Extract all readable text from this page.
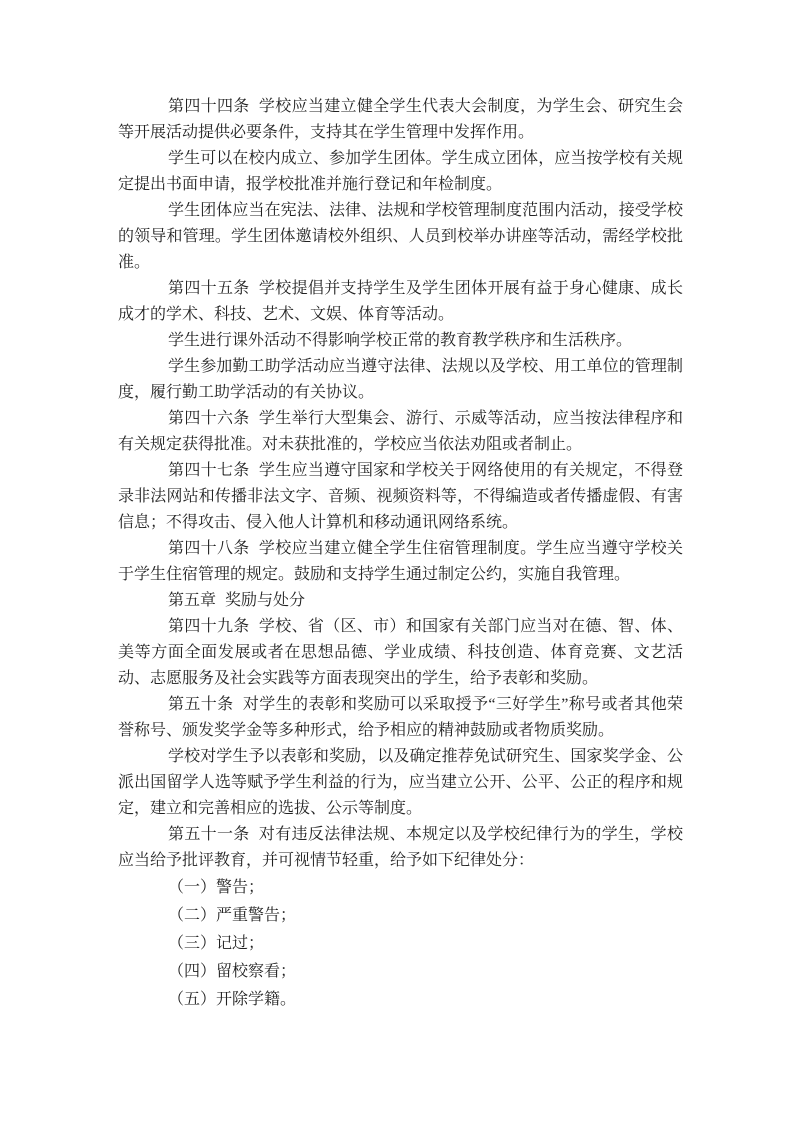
第四十四条 学校应当建立健全学生代表大会制度，为学生会、研究生会等开展活动提供必要条件，支持其在学生管理中发挥作用。
学生可以在校内成立、参加学生团体。学生成立团体，应当按学校有关规定提出书面申请，报学校批准并施行登记和年检制度。
学生团体应当在宪法、法律、法规和学校管理制度范围内活动，接受学校的领导和管理。学生团体邀请校外组织、人员到校举办讲座等活动，需经学校批准。
第四十五条 学校提倡并支持学生及学生团体开展有益于身心健康、成长成才的学术、科技、艺术、文娱、体育等活动。
学生进行课外活动不得影响学校正常的教育教学秩序和生活秩序。
学生参加勤工助学活动应当遵守法律、法规以及学校、用工单位的管理制度，履行勤工助学活动的有关协议。
第四十六条 学生举行大型集会、游行、示威等活动，应当按法律程序和有关规定获得批准。对未获批准的，学校应当依法劝阻或者制止。
第四十七条 学生应当遵守国家和学校关于网络使用的有关规定，不得登录非法网站和传播非法文字、音频、视频资料等，不得编造或者传播虚假、有害信息；不得攻击、侵入他人计算机和移动通讯网络系统。
第四十八条 学校应当建立健全学生住宿管理制度。学生应当遵守学校关于学生住宿管理的规定。鼓励和支持学生通过制定公约，实施自我管理。
第五章 奖励与处分
第四十九条 学校、省（区、市）和国家有关部门应当对在德、智、体、美等方面全面发展或者在思想品德、学业成绩、科技创造、体育竞赛、文艺活动、志愿服务及社会实践等方面表现突出的学生，给予表彰和奖励。
第五十条 对学生的表彰和奖励可以采取授予“三好学生”称号或者其他荣誉称号、颁发奖学金等多种形式，给予相应的精神鼓励或者物质奖励。
学校对学生予以表彰和奖励，以及确定推荐免试研究生、国家奖学金、公派出国留学人选等赋予学生利益的行为，应当建立公开、公平、公正的程序和规定，建立和完善相应的选拔、公示等制度。
第五十一条 对有违反法律法规、本规定以及学校纪律行为的学生，学校应当给予批评教育，并可视情节轻重，给予如下纪律处分：
（一）警告；
（二）严重警告；
（三）记过；
（四）留校察看；
（五）开除学籍。
